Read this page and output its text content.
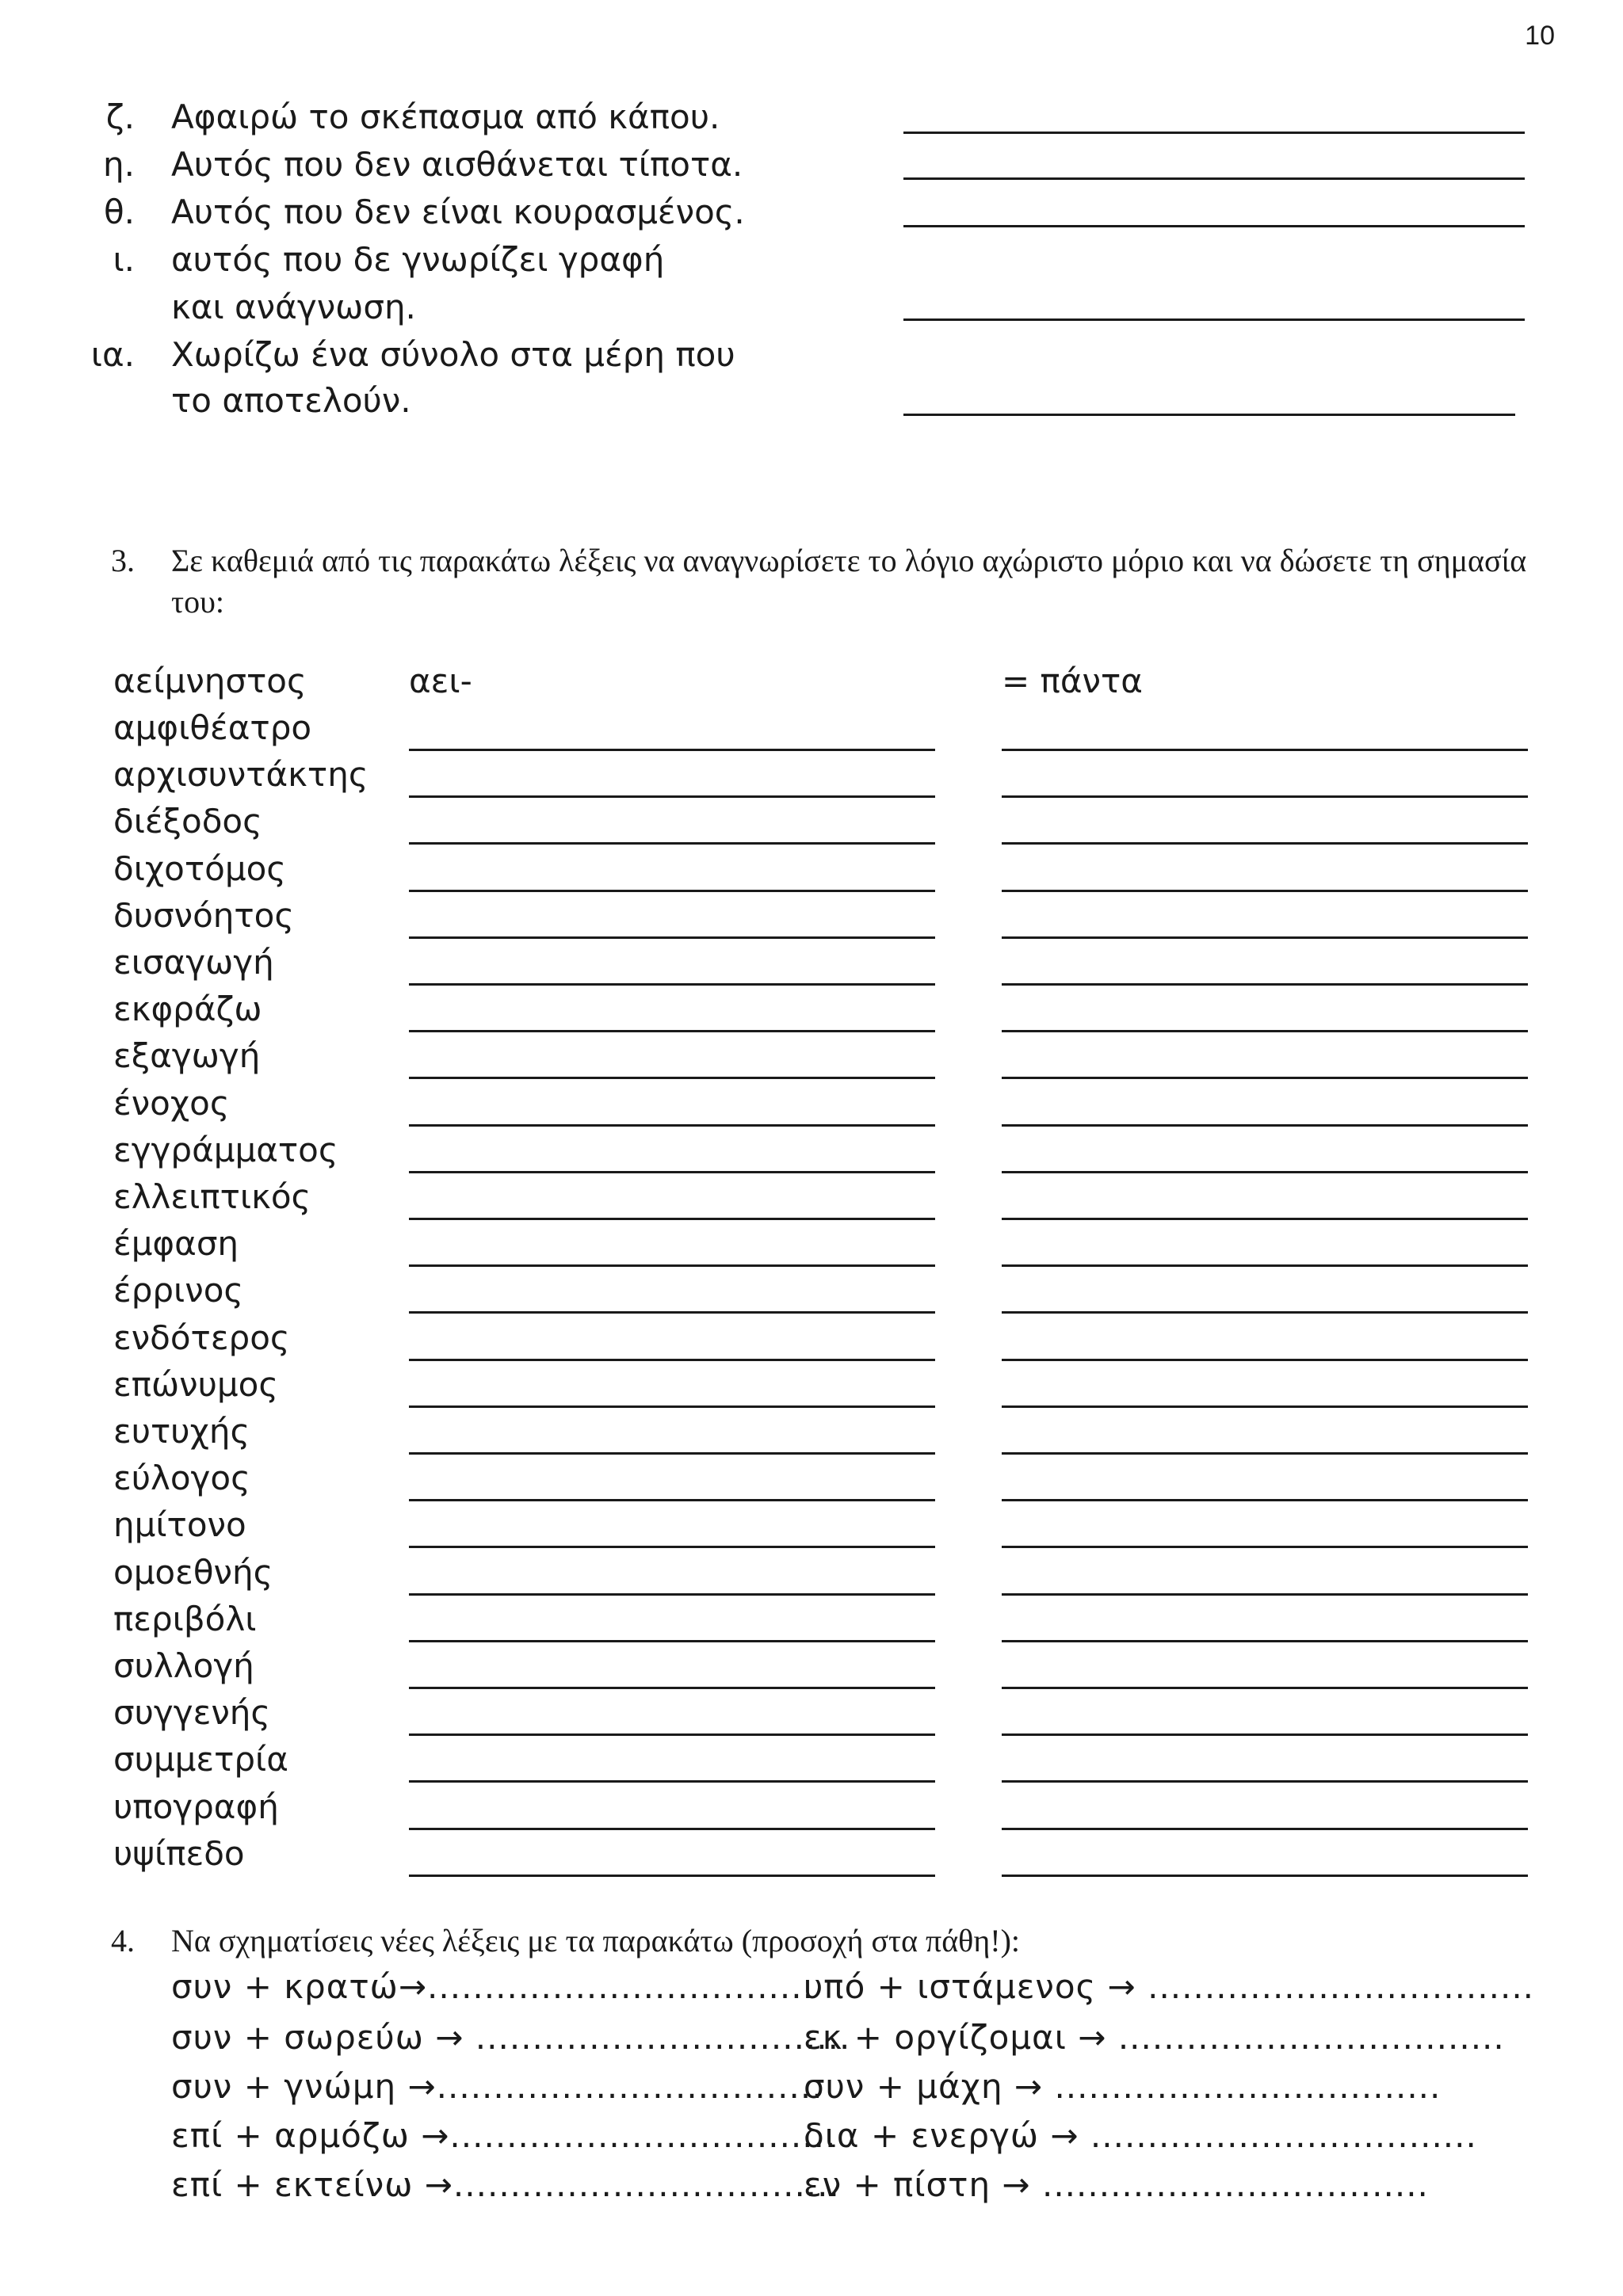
10
ζ. Αφαιρώ το σκέπασμα από κάπου.
η. Αυτός που δεν αισθάνεται τίποτα.
θ. Αυτός που δεν είναι κουρασμένος.
ι. αυτός που δε γνωρίζει γραφή
και ανάγνωση.
ια. Χωρίζω ένα σύνολο στα μέρη που
το αποτελούν.
3. Σε καθεμιά από τις παρακάτω λέξεις να αναγνωρίσετε το λόγιο αχώριστο μόριο και να δώσετε τη σημασία του:
αείμνηστος	αει-	= πάντα
αμφιθέατρο
αρχισυντάκτης
διέξοδος
διχοτόμος
δυσνόητος
εισαγωγή
εκφράζω
εξαγωγή
ένοχος
εγγράμματος
ελλειπτικός
έμφαση
έρρινος
ενδότερος
επώνυμος
ευτυχής
εύλογος
ημίτονο
ομοεθνής
περιβόλι
συλλογή
συγγενής
συμμετρία
υπογραφή
υψίπεδο
4. Να σχηματίσεις νέες λέξεις με τα παρακάτω (προσοχή στα πάθη!):
συν + κρατώ→..................................
υπό + ιστάμενος → ..................................
συν + σωρεύω → .................................
εκ + οργίζομαι → ..................................
συν + γνώμη →..................................
συν + μάχη → ..................................
επί + αρμόζω →..................................
δια + ενεργώ → ..................................
επί + εκτείνω →..................................
εν + πίστη → ..................................
